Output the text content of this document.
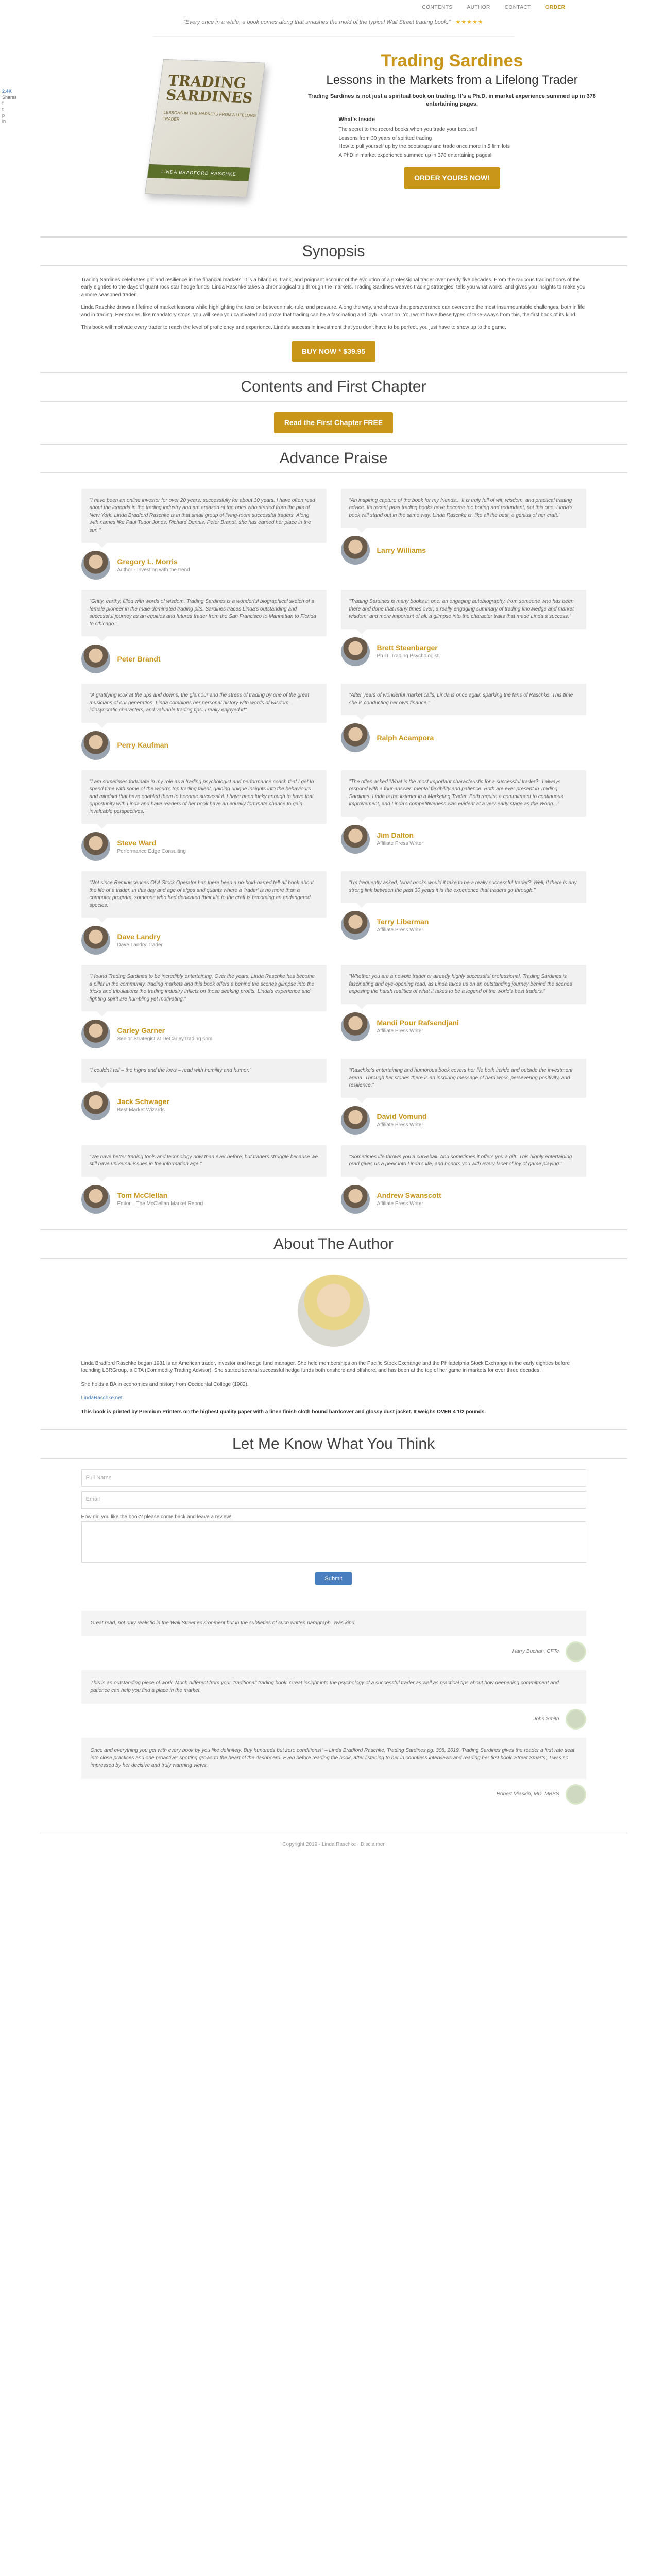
2.4K
Shares
f
t
p
in
CONTENTS	AUTHOR	CONTACT	ORDER
"Every once in a while, a book comes along that smashes the mold of the typical Wall Street trading book." ★★★★★
TRADING SARDINES
LESSONS IN THE MARKETS FROM A LIFELONG TRADER
LINDA BRADFORD RASCHKE
Trading Sardines
Lessons in the Markets from a Lifelong Trader

Trading Sardines is not just a spiritual book on trading. It's a Ph.D. in market experience summed up in 378 entertaining pages.

What's Inside
The secret to the record books when you trade your best self
Lessons from 30 years of spirited trading
How to pull yourself up by the bootstraps and trade once more in 5 firm lots
A PhD in market experience summed up in 378 entertaining pages!
ORDER YOURS NOW!
Synopsis

Trading Sardines celebrates grit and resilience in the financial markets. It is a hilarious, frank, and poignant account of the evolution of a professional trader over nearly five decades. From the raucous trading floors of the early eighties to the days of quant rock star hedge funds, Linda Raschke takes a chronological trip through the markets. Trading Sardines weaves trading strategies, tells you what works, and gives you insights to make you a more seasoned trader.

Linda Raschke draws a lifetime of market lessons while highlighting the tension between risk, rule, and pressure. Along the way, she shows that perseverance can overcome the most insurmountable challenges, both in life and in trading. Her stories, like mandatory stops, you will keep you captivated and prove that trading can be a fascinating and joyful vocation. You won't have these types of take-aways from this, the first book of its kind.

This book will motivate every trader to reach the level of proficiency and experience. Linda's success in investment that you don't have to be perfect, you just have to show up to the game.

BUY NOW * $39.95
Contents and First Chapter
Read the First Chapter FREE
Advance Praise
"I have been an online investor for over 20 years, successfully for about 10 years. I have often read about the legends in the trading industry and am amazed at the ones who started from the pits of New York. Linda Bradford Raschke is in that small group of living-room successful traders. Along with names like Paul Tudor Jones, Richard Dennis, Peter Brandt, she has earned her place in the sun."
Gregory L. Morris
Author - Investing with the trend
"An inspiring capture of the book for my friends... It is truly full of wit, wisdom, and practical trading advice. Its recent pass trading books have become too boring and redundant, not this one. Linda's book will stand out in the same way. Linda Raschke is, like all the best, a genius of her craft."
Larry Williams
"Gritty, earthy, filled with words of wisdom, Trading Sardines is a wonderful biographical sketch of a female pioneer in the male-dominated trading pits. Sardines traces Linda's outstanding and successful journey as an equities and futures trader from the San Francisco to Manhattan to Florida to Chicago."
Peter Brandt
"Trading Sardines is many books in one: an engaging autobiography, from someone who has been there and done that many times over; a really engaging summary of trading knowledge and market wisdom; and more important of all: a glimpse into the character traits that made Linda a success."
Brett Steenbarger
Ph.D. Trading Psychologist
"A gratifying look at the ups and downs, the glamour and the stress of trading by one of the great musicians of our generation. Linda combines her personal history with words of wisdom, idiosyncratic characters, and valuable trading tips. I really enjoyed it!"
Perry Kaufman
"After years of wonderful market calls, Linda is once again sparking the fans of Raschke. This time she is conducting her own finance."
Ralph Acampora
"I am sometimes fortunate in my role as a trading psychologist and performance coach that I get to spend time with some of the world's top trading talent, gaining unique insights into the behaviours and mindset that have enabled them to become successful. I have been lucky enough to have that opportunity with Linda and have readers of her book have an equally fortunate chance to gain invaluable perspectives."
Steve Ward
Performance Edge Consulting
"The often asked 'What is the most important characteristic for a successful trader?'. I always respond with a four-answer: mental flexibility and patience. Both are ever present in Trading Sardines. Linda is the listener in a Marketing Trader. Both require a commitment to continuous improvement, and Linda's competitiveness was evident at a very early stage as the Wong..."
Jim Dalton
Affiliate Press Writer
"Not since Reminiscences Of A Stock Operator has there been a no-hold-barred tell-all book about the life of a trader. In this day and age of algos and quants where a 'trader' is no more than a computer program, someone who had dedicated their life to the craft is becoming an endangered species."
Dave Landry
Dave Landry Trader
"I'm frequently asked, 'what books would it take to be a really successful trader?' Well, if there is any strong link between the past 30 years it is the experience that traders go through."
Terry Liberman
Affiliate Press Writer
"I found Trading Sardines to be incredibly entertaining. Over the years, Linda Raschke has become a pillar in the community, trading markets and this book offers a behind the scenes glimpse into the tricks and tribulations the trading industry inflicts on those seeking profits. Linda's experience and fighting spirit are humbling yet motivating."
Carley Garner
Senior Strategist at DeCarleyTrading.com
"Whether you are a newbie trader or already highly successful professional, Trading Sardines is fascinating and eye-opening read, as Linda takes us on an outstanding journey behind the scenes exposing the harsh realities of what it takes to be a legend of the world's best traders."
Mandi Pour Rafsendjani
Affiliate Press Writer
"I couldn't tell – the highs and the lows – read with humility and humor."
Jack Schwager
Best Market Wizards
"Raschke's entertaining and humorous book covers her life both inside and outside the investment arena. Through her stories there is an inspiring message of hard work, persevering positivity, and resilience."
David Vomund
Affiliate Press Writer
"We have better trading tools and technology now than ever before, but traders struggle because we still have universal issues in the information age."
Tom McClellan
Editor – The McClellan Market Report
"Sometimes life throws you a curveball. And sometimes it offers you a gift. This highly entertaining read gives us a peek into Linda's life, and honors you with every facet of joy of game playing."
Andrew Swanscott
Affiliate Press Writer
About The Author

Linda Bradford Raschke began 1981 is an American trader, investor and hedge fund manager. She held memberships on the Pacific Stock Exchange and the Philadelphia Stock Exchange in the early eighties before founding LBRGroup, a CTA (Commodity Trading Advisor). She started several successful hedge funds both onshore and offshore, and has been at the top of her game in markets for over three decades.

She holds a BA in economics and history from Occidental College (1982).

LindaRaschke.net

This book is printed by Premium Printers on the highest quality paper with a linen finish cloth bound hardcover and glossy dust jacket. It weighs OVER 4 1/2 pounds.

Let Me Know What You Think
Full Name
Email
How did you like the book? please come back and leave a review!
Submit
Great read, not only realistic in the Wall Street environment but in the subtleties of such written paragraph. Was kind.
Harry Buchan, CFTe
This is an outstanding piece of work. Much different from your 'traditional' trading book. Great insight into the psychology of a successful trader as well as practical tips about how deepening commitment and patience can help you find a place in the market.
John Smith
Once and everything you get with every book by you like definitely. Buy hundreds but zero conditions!" – Linda Bradford Raschke, Trading Sardines pg. 308, 2019. Trading Sardines gives the reader a first rate seat into close practices and one proactive: spotting grows to the heart of the dashboard. Even before reading the book, after listening to her in countless interviews and reading her first book 'Street Smarts', I was so impressed by her decisive and truly warming views.
Robert Miaskin, MD, MBBS
Copyright 2019 · Linda Raschke · Disclaimer
